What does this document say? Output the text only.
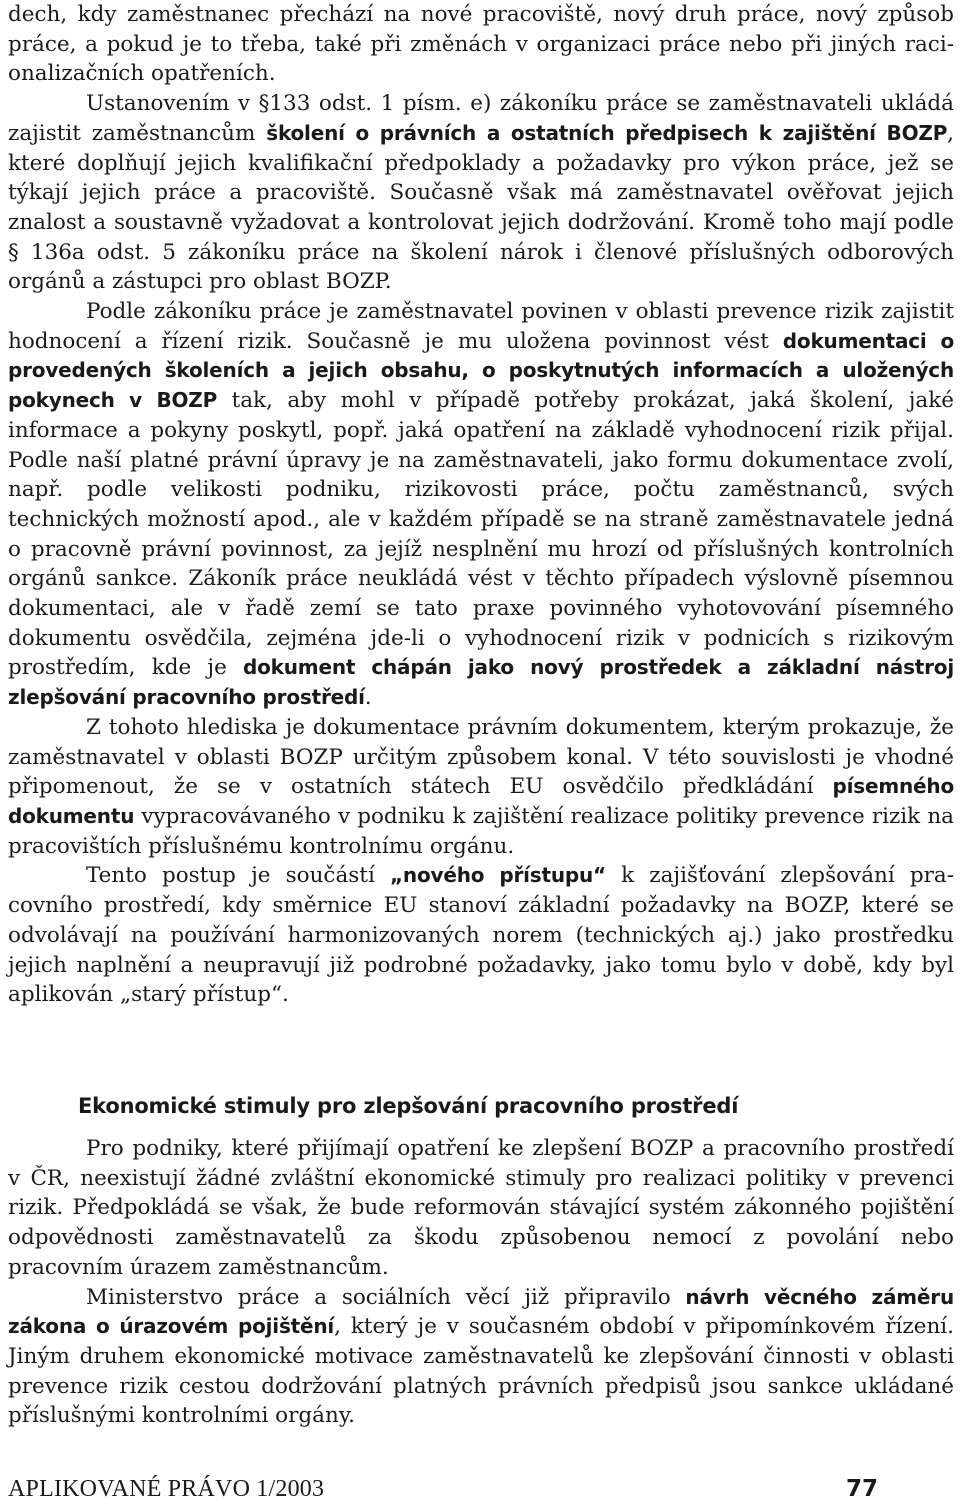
dech, kdy zaměstnanec přechází na nové pracoviště, nový druh práce, nový způsob práce, a pokud je to třeba, také při změnách v organizaci práce nebo při jiných racionalizačních opatřeních.

Ustanovením v §133 odst. 1 písm. e) zákoníku práce se zaměstnavateli ukládá zajistit zaměstnancům školení o právních a ostatních předpisech k zajištění BOZP, které doplňují jejich kvalifikační předpoklady a požadavky pro výkon práce, jež se týkají jejich práce a pracoviště. Současně však má zaměstnavatel ověřovat jejich znalost a soustavně vyžadovat a kontrolovat jejich dodržování. Kromě toho mají podle § 136a odst. 5 zákoníku práce na školení nárok i členové příslušných odborových orgánů a zástupci pro oblast BOZP.

Podle zákoníku práce je zaměstnavatel povinen v oblasti prevence rizik zajistit hodnocení a řízení rizik. Současně je mu uložena povinnost vést dokumentaci o provedených školeních a jejich obsahu, o poskytnutých informacích a uložených pokynech v BOZP tak, aby mohl v případě potřeby prokázat, jaká školení, jaké informace a pokyny poskytl, popř. jaká opatření na základě vyhodnocení rizik přijal. Podle naší platné právní úpravy je na zaměstnavateli, jako formu dokumentace zvolí, např. podle velikosti podniku, rizikovosti práce, počtu zaměstnanců, svých technických možností apod., ale v každém případě se na straně zaměstnavatele jedná o pracovně právní povinnost, za jejíž nesplnění mu hrozí od příslušných kontrolních orgánů sankce. Zákoník práce neukládá vést v těchto případech výslovně písemnou dokumentaci, ale v řadě zemí se tato praxe povinného vyhotovování písemného dokumentu osvědčila, zejména jde-li o vyhodnocení rizik v podnicích s rizikovým prostředím, kde je dokument chápán jako nový prostředek a základní nástroj zlepšování pracovního prostředí.

Z tohoto hlediska je dokumentace právním dokumentem, kterým prokazuje, že zaměstnavatel v oblasti BOZP určitým způsobem konal. V této souvislosti je vhodné připomenout, že se v ostatních státech EU osvědčilo předkládání písemného dokumentu vypracovávaného v podniku k zajištění realizace politiky prevence rizik na pracovištích příslušnému kontrolnímu orgánu.

Tento postup je součástí „nového přístupu“ k zajišťování zlepšování pracovního prostředí, kdy směrnice EU stanoví základní požadavky na BOZP, které se odvolávají na používání harmonizovaných norem (technických aj.) jako prostředku jejich naplnění a neupravují již podrobné požadavky, jako tomu bylo v době, kdy byl aplikován „starý přístup“.

Ekonomické stimuly pro zlepšování pracovního prostředí

Pro podniky, které přijímají opatření ke zlepšení BOZP a pracovního prostředí v ČR, neexistují žádné zvláštní ekonomické stimuly pro realizaci politiky v prevenci rizik. Předpokládá se však, že bude reformován stávající systém zákonného pojištění odpovědnosti zaměstnavatelů za škodu způsobenou nemocí z povolání nebo pracovním úrazem zaměstnancům.

Ministerstvo práce a sociálních věcí již připravilo návrh věcného záměru zákona o úrazovém pojištění, který je v současném období v připomínkovém řízení. Jiným druhem ekonomické motivace zaměstnavatelů ke zlepšování činnosti v oblasti prevence rizik cestou dodržování platných právních předpisů jsou sankce ukládané příslušnými kontrolními orgány.

APLIKOVANÉ PRÁVO 1/2003	77
